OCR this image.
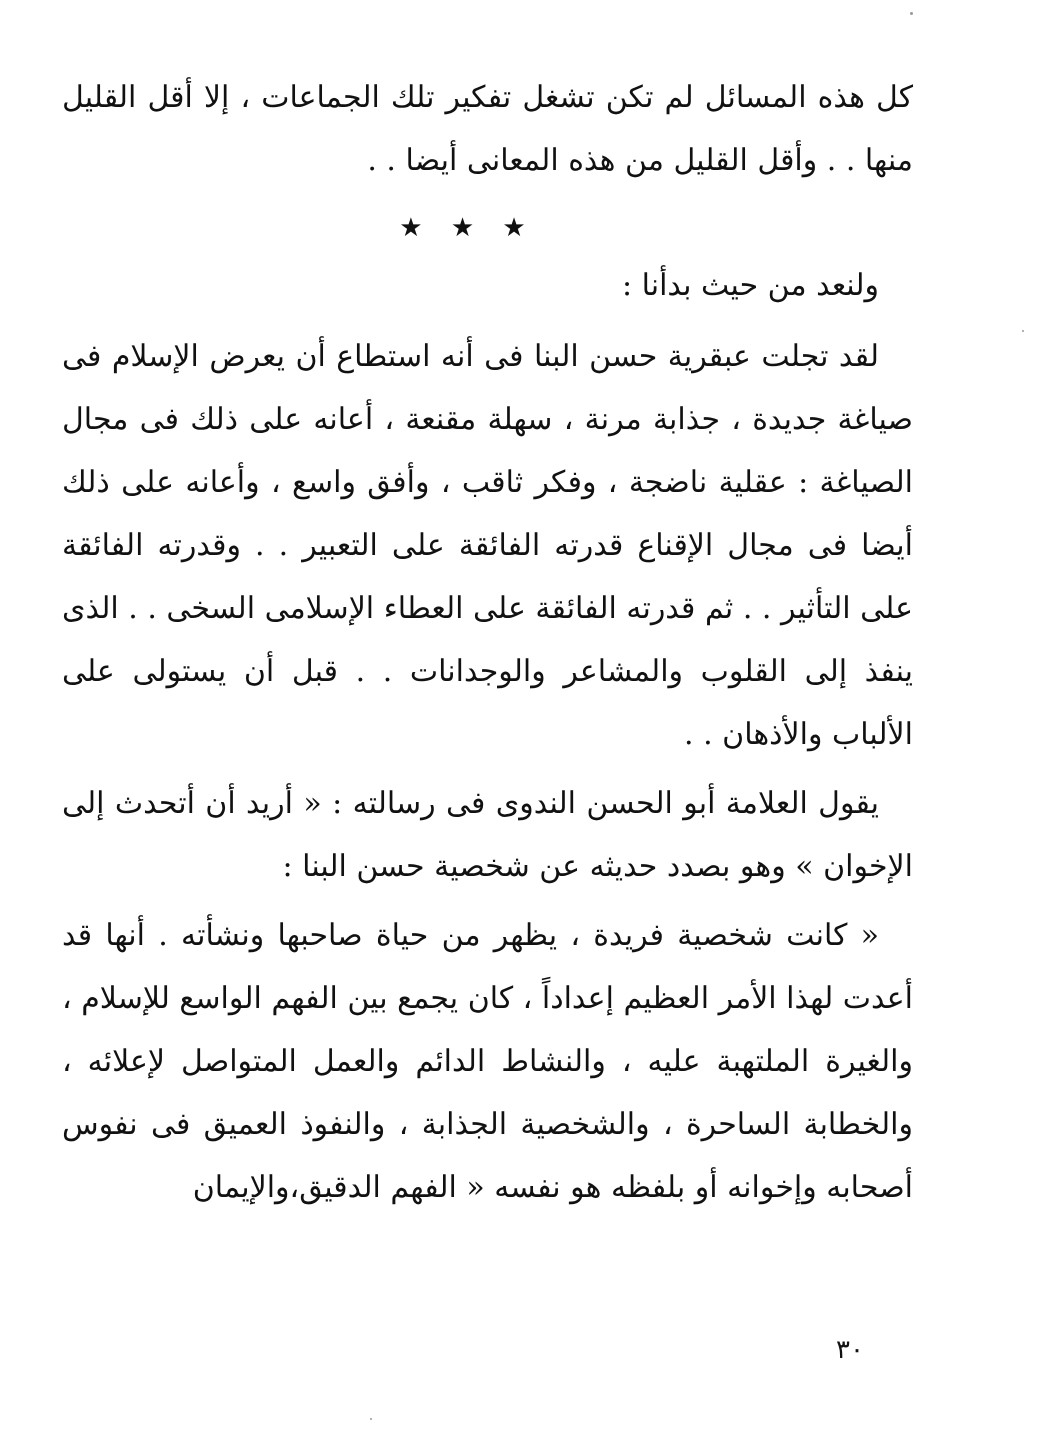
كل هذه المسائل لم تكن تشغل تفكير تلك الجماعات ، إلا أقل القليل منها . . وأقل القليل من هذه المعانى أيضا . .

★ ★ ★

ولنعد من حيث بدأنا :

لقد تجلت عبقرية حسن البنا فى أنه استطاع أن يعرض الإسلام فى صياغة جديدة ، جذابة مرنة ، سهلة مقنعة ، أعانه على ذلك فى مجال الصياغة : عقلية ناضجة ، وفكر ثاقب ، وأفق واسع ، وأعانه على ذلك أيضا فى مجال الإقناع قدرته الفائقة على التعبير . . وقدرته الفائقة على التأثير . . ثم قدرته الفائقة على العطاء الإسلامى السخى . . الذى ينفذ إلى القلوب والمشاعر والوجدانات . . قبل أن يستولى على الألباب والأذهان . .

يقول العلامة أبو الحسن الندوى فى رسالته : « أريد أن أتحدث إلى الإخوان » وهو بصدد حديثه عن شخصية حسن البنا :

« كانت شخصية فريدة ، يظهر من حياة صاحبها ونشأته . أنها قد أعدت لهذا الأمر العظيم إعداداً ، كان يجمع بين الفهم الواسع للإسلام ، والغيرة الملتهبة عليه ، والنشاط الدائم والعمل المتواصل لإعلائه ، والخطابة الساحرة ، والشخصية الجذابة ، والنفوذ العميق فى نفوس أصحابه وإخوانه أو بلفظه هو نفسه « الفهم الدقيق،والإيمان

٣٠
